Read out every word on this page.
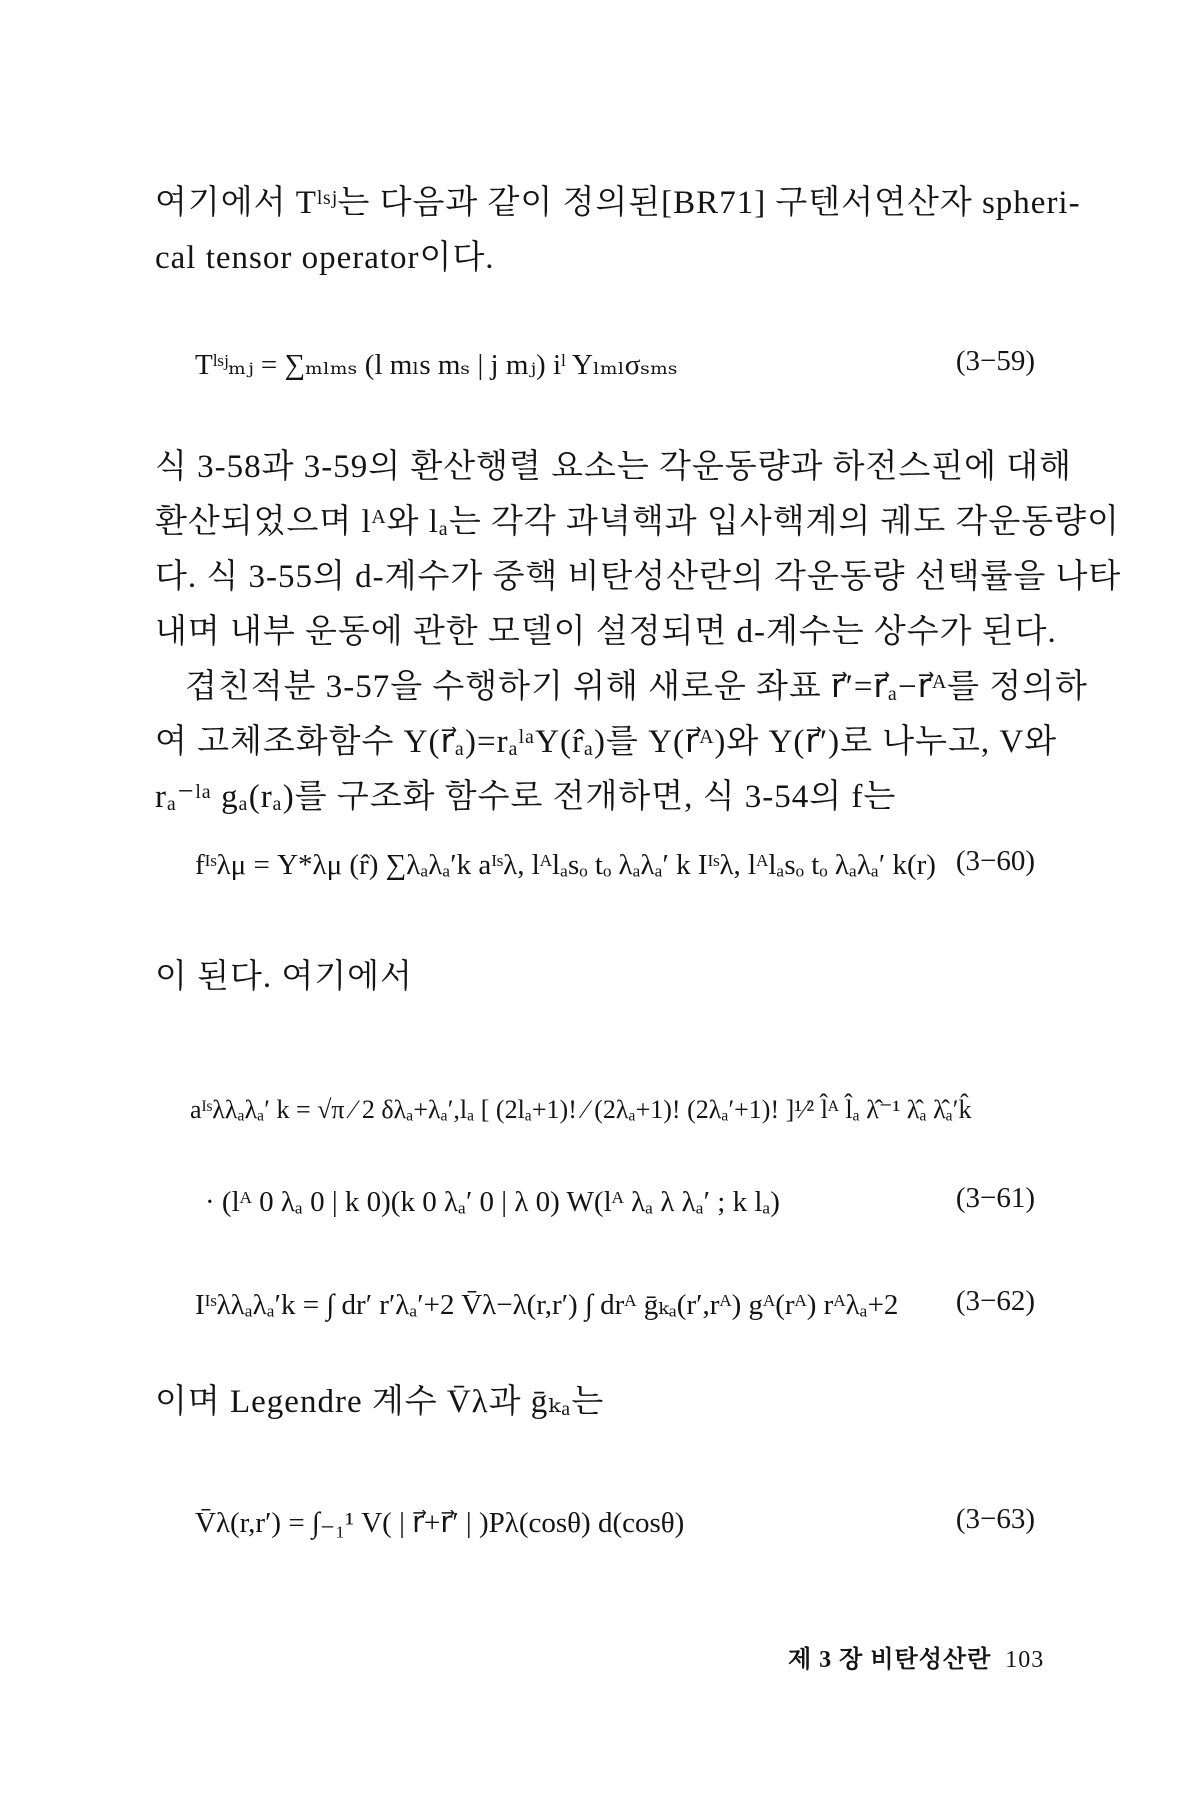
여기에서 Tˡˢʲ는 다음과 같이 정의된[BR71] 구텐서연산자 spheri-
cal tensor operator이다.
Tˡˢʲₘⱼ = ∑ₘₗₘₛ (l mₗs mₛ | j mⱼ) iˡ Yₗₘₗσₛₘₛ	(3−59)
식 3-58과 3-59의 환산행렬 요소는 각운동량과 하전스핀에 대해
환산되었으며 lᴬ와 lₐ는 각각 과녁핵과 입사핵계의 궤도 각운동량이
다. 식 3-55의 d-계수가 중핵 비탄성산란의 각운동량 선택률을 나타
내며 내부 운동에 관한 모델이 설정되면 d-계수는 상수가 된다.
겹친적분 3-57을 수행하기 위해 새로운 좌표 r⃗′=r⃗ₐ−r⃗ᴬ를 정의하
여 고체조화함수 Y(r⃗ₐ)=rₐˡᵃY(r̂ₐ)를 Y(r⃗ᴬ)와 Y(r⃗′)로 나누고, V와
rₐ⁻ˡᵃ gₐ(rₐ)를 구조화 함수로 전개하면, 식 3-54의 f는
fᴵˢλμ = Y*λμ (r̂) ∑λₐλₐ′k aᴵˢλ, lᴬlₐsₒ tₒ λₐλₐ′ k Iᴵˢλ, lᴬlₐsₒ tₒ λₐλₐ′ k(r) (3−60)
이 된다. 여기에서
aᴵˢλλₐλₐ′ k = √π ⁄ 2 δλₐ+λₐ′,lₐ [ (2lₐ+1)! ⁄ (2λₐ+1)! (2λₐ′+1)! ]¹⁄² l̂ᴬ l̂ₐ λ̂⁻¹ λ̂ₐ λ̂ₐ′k̂
· (lᴬ 0 λₐ 0 | k 0)(k 0 λₐ′ 0 | λ 0) W(lᴬ λₐ λ λₐ′ ; k lₐ)	(3−61)
Iᴵˢλλₐλₐ′k = ∫ dr′ r′λₐ′+2 V̄λ−λ(r,r′) ∫ drᴬ ḡₖₐ(r′,rᴬ) gᴬ(rᴬ) rᴬλₐ+2	(3−62)
이며 Legendre 계수 V̄λ과 ḡₖₐ는
V̄λ(r,r′) = ∫₋₁¹ V( | r⃗+r⃗′ | )Pλ(cosθ) d(cosθ)	(3−63)

제 3 장 비탄성산란 103
